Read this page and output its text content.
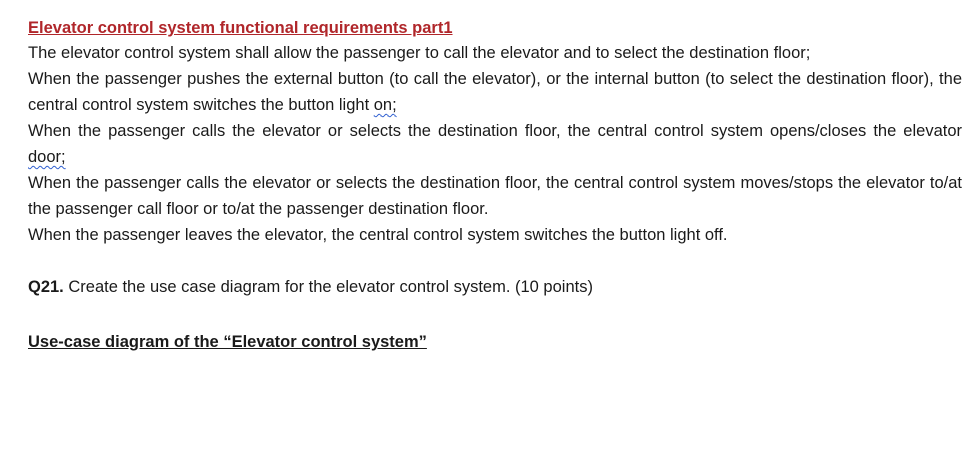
Elevator control system functional requirements part1

The elevator control system shall allow the passenger to call the elevator and to select the destination floor;

When the passenger pushes the external button (to call the elevator), or the internal button (to select the destination floor), the central control system switches the button light on;

When the passenger calls the elevator or selects the destination floor, the central control system opens/closes the elevator door;

When the passenger calls the elevator or selects the destination floor, the central control system moves/stops the elevator to/at the passenger call floor or to/at the passenger destination floor.

When the passenger leaves the elevator, the central control system switches the button light off.

Q21. Create the use case diagram for the elevator control system. (10 points)
Use-case diagram of the “Elevator control system”
